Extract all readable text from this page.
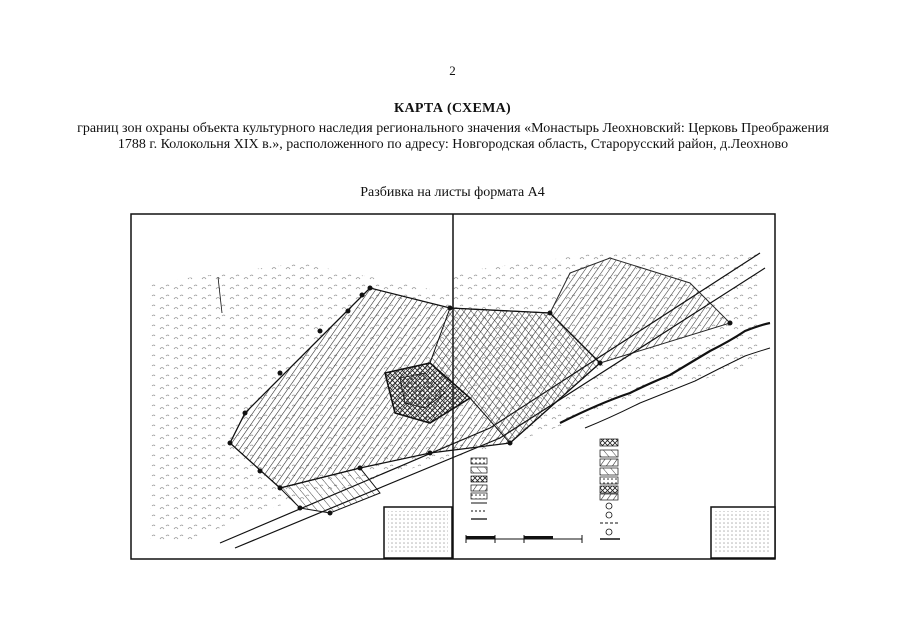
2
КАРТА (СХЕМА)
границ зон охраны объекта культурного наследия регионального значения «Монастырь Леохновский: Церковь Преображения 1788 г. Колокольня XIX в.», расположенного по адресу: Новгородская область, Старорусский район, д.Леохново
Разбивка на листы формата А4
